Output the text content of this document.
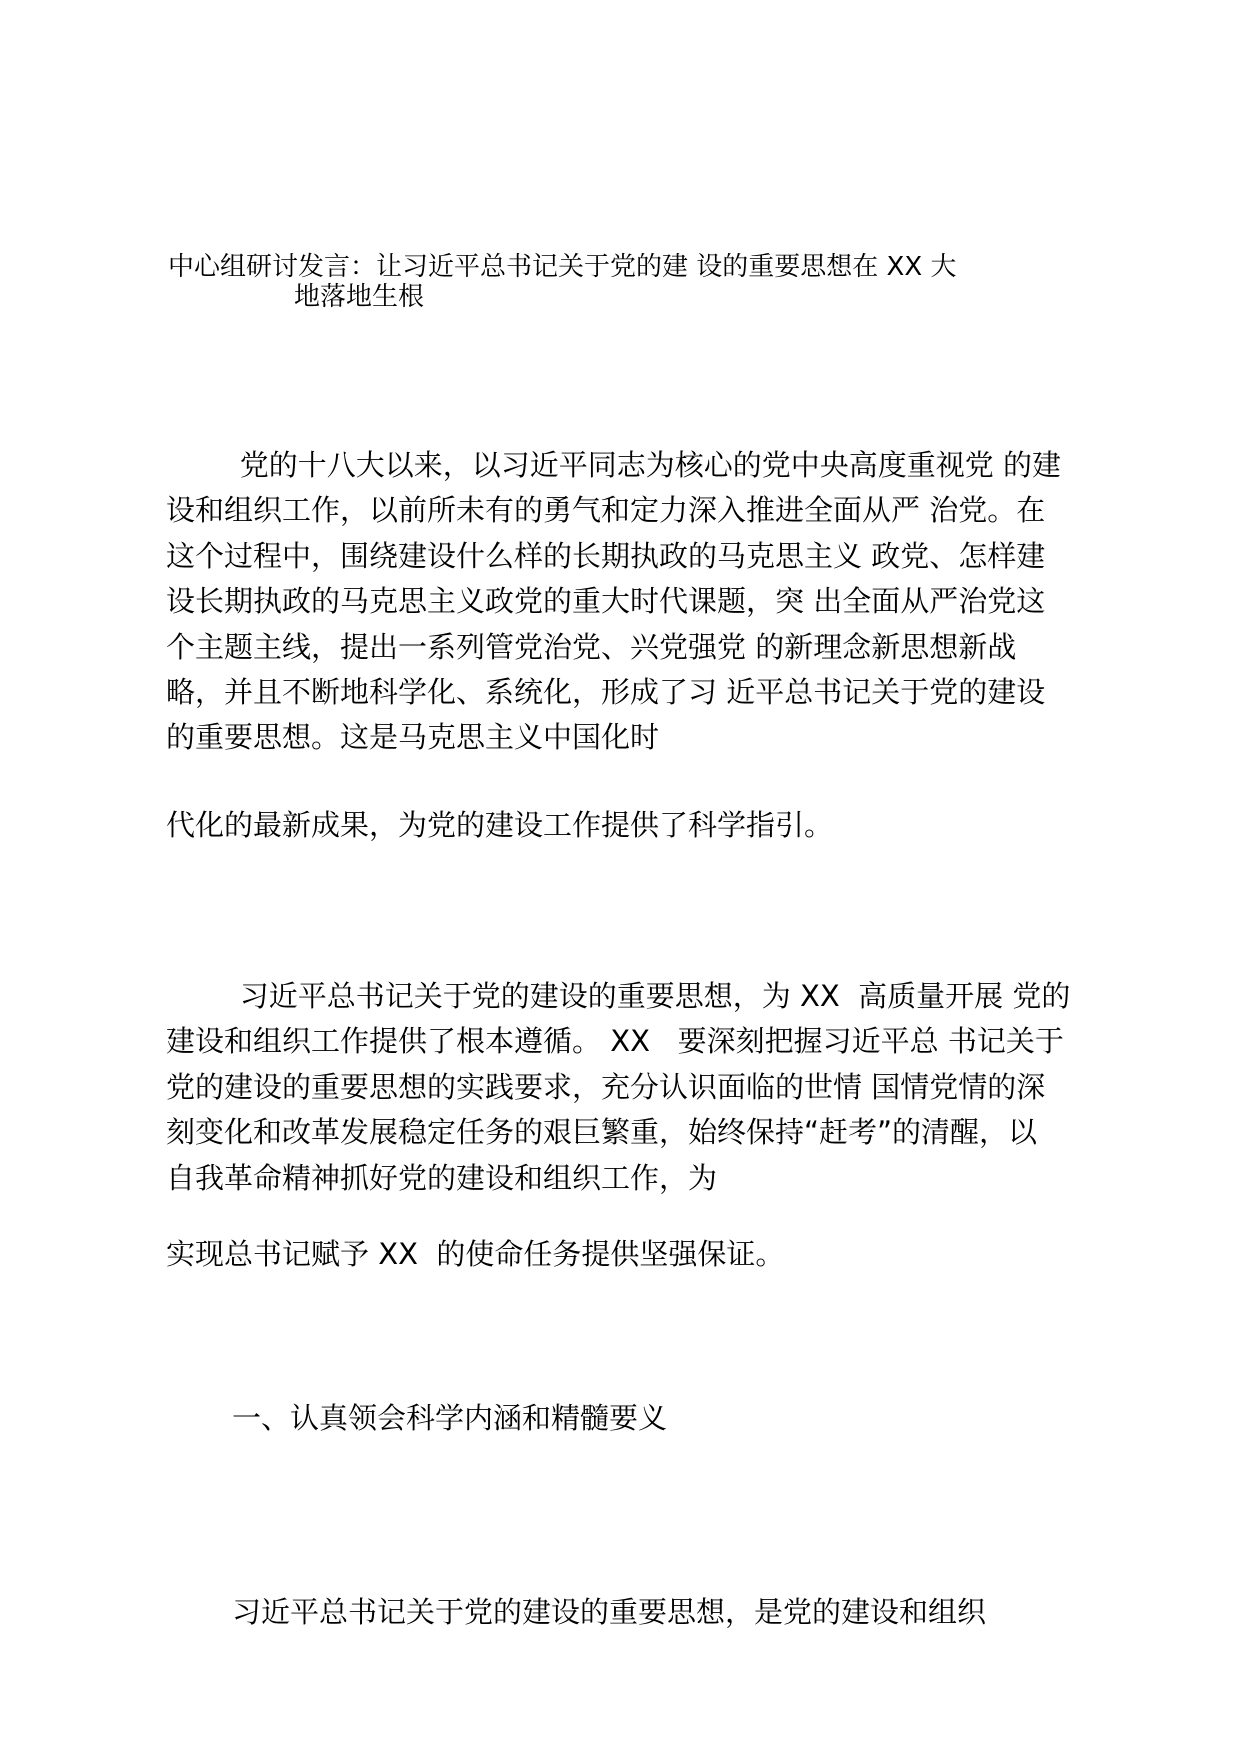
中心组研讨发言：让习近平总书记关于党的建 设的重要思想在 XX 大
地落地生根

党的十八大以来，以习近平同志为核心的党中央高度重视党 的建
设和组织工作，以前所未有的勇气和定力深入推进全面从严 治党。在
这个过程中，围绕建设什么样的长期执政的马克思主义 政党、怎样建
设长期执政的马克思主义政党的重大时代课题，突 出全面从严治党这
个主题主线，提出一系列管党治党、兴党强党 的新理念新思想新战
略，并且不断地科学化、系统化，形成了习 近平总书记关于党的建设
的重要思想。这是马克思主义中国化时

代化的最新成果，为党的建设工作提供了科学指引。

习近平总书记关于党的建设的重要思想，为 XX  高质量开展 党的
建设和组织工作提供了根本遵循。 XX   要深刻把握习近平总 书记关于
党的建设的重要思想的实践要求，充分认识面临的世情 国情党情的深
刻变化和改革发展稳定任务的艰巨繁重，始终保持“赶考”的清醒，以
自我革命精神抓好党的建设和组织工作，为

实现总书记赋予 XX  的使命任务提供坚强保证。

一、认真领会科学内涵和精髓要义

习近平总书记关于党的建设的重要思想，是党的建设和组织
